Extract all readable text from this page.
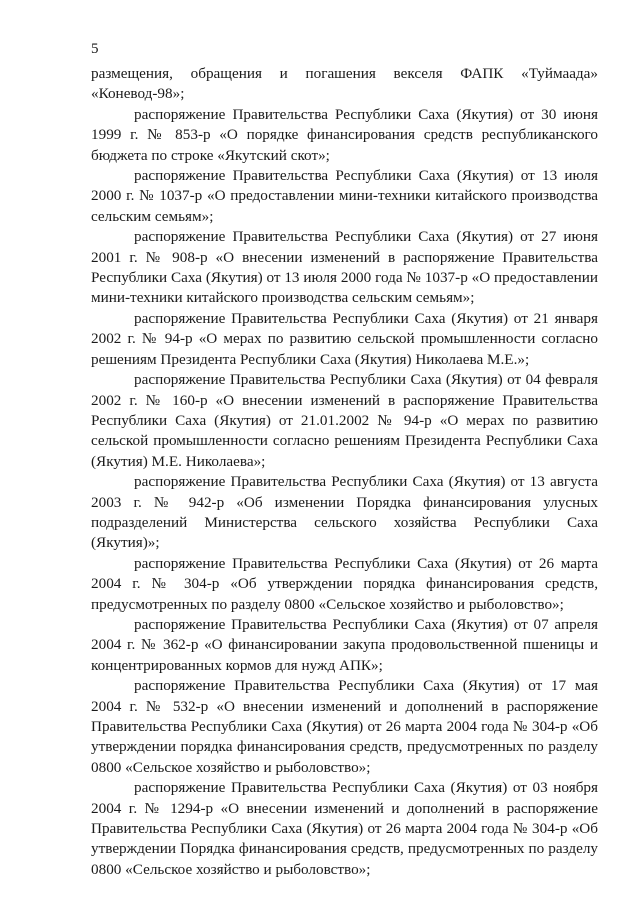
5

размещения, обращения и погашения векселя ФАПК «Туймаада» «Коневод-98»;

распоряжение Правительства Республики Саха (Якутия) от 30 июня 1999 г. № 853-р «О порядке финансирования средств республиканского бюджета по строке «Якутский скот»;

распоряжение Правительства Республики Саха (Якутия) от 13 июля 2000 г. № 1037-р «О предоставлении мини-техники китайского производства сельским семьям»;

распоряжение Правительства Республики Саха (Якутия) от 27 июня 2001 г. № 908-р «О внесении изменений в распоряжение Правительства Республики Саха (Якутия) от 13 июля 2000 года № 1037-р «О предоставлении мини-техники китайского производства сельским семьям»;

распоряжение Правительства Республики Саха (Якутия) от 21 января 2002 г. № 94-р «О мерах по развитию сельской промышленности согласно решениям Президента Республики Саха (Якутия) Николаева М.Е.»;

распоряжение Правительства Республики Саха (Якутия) от 04 февраля 2002 г. № 160-р «О внесении изменений в распоряжение Правительства Республики Саха (Якутия) от 21.01.2002 № 94-р «О мерах по развитию сельской промышленности согласно решениям Президента Республики Саха (Якутия) М.Е. Николаева»;

распоряжение Правительства Республики Саха (Якутия) от 13 августа 2003 г. № 942-р «Об изменении Порядка финансирования улусных подразделений Министерства сельского хозяйства Республики Саха (Якутия)»;

распоряжение Правительства Республики Саха (Якутия) от 26 марта 2004 г. № 304-р «Об утверждении порядка финансирования средств, предусмотренных по разделу 0800 «Сельское хозяйство и рыболовство»;

распоряжение Правительства Республики Саха (Якутия) от 07 апреля 2004 г. № 362-р «О финансировании закупа продовольственной пшеницы и концентрированных кормов для нужд АПК»;

распоряжение Правительства Республики Саха (Якутия) от 17 мая 2004 г. № 532-р «О внесении изменений и дополнений в распоряжение Правительства Республики Саха (Якутия) от 26 марта 2004 года № 304-р «Об утверждении порядка финансирования средств, предусмотренных по разделу 0800 «Сельское хозяйство и рыболовство»;

распоряжение Правительства Республики Саха (Якутия) от 03 ноября 2004 г. № 1294-р «О внесении изменений и дополнений в распоряжение Правительства Республики Саха (Якутия) от 26 марта 2004 года № 304-р «Об утверждении Порядка финансирования средств, предусмотренных по разделу 0800 «Сельское хозяйство и рыболовство»;
